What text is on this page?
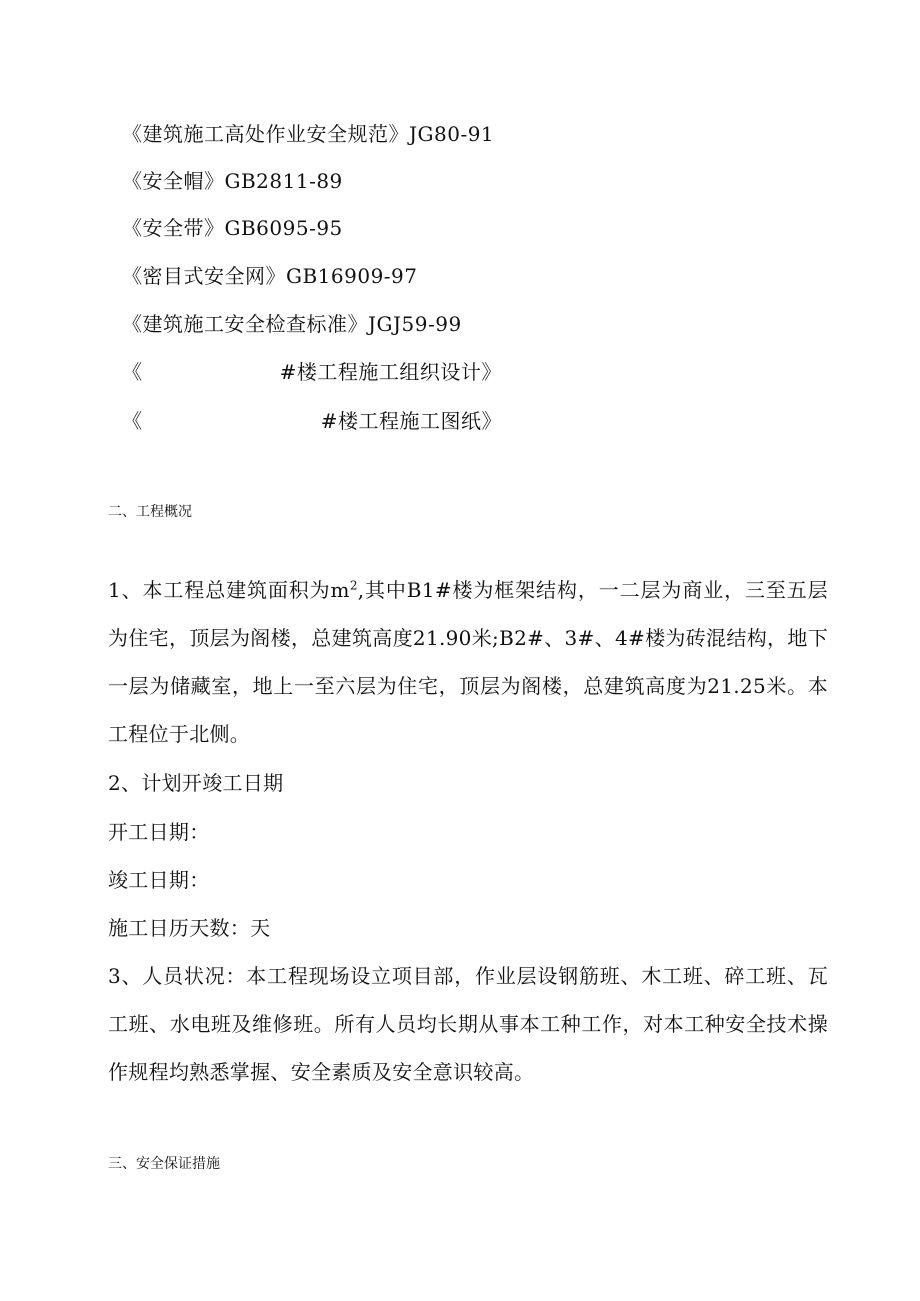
《建筑施工高处作业安全规范》JG80-91
《安全帽》GB2811-89
《安全带》GB6095-95
《密目式安全网》GB16909-97
《建筑施工安全检查标准》JGJ59-99
《                    #楼工程施工组织设计》
《                          #楼工程施工图纸》
二、工程概况
1、本工程总建筑面积为$m^2$,其中B1#楼为框架结构，一二层为商业，三至五层为住宅，顶层为阁楼，总建筑高度21.90米;B2#、3#、4#楼为砖混结构，地下一层为储藏室，地上一至六层为住宅，顶层为阁楼，总建筑高度为21.25米。本工程位于北侧。
2、计划开竣工日期
开工日期：
竣工日期：
施工日历天数：天
3、人员状况：本工程现场设立项目部，作业层设钢筋班、木工班、碎工班、瓦工班、水电班及维修班。所有人员均长期从事本工种工作，对本工种安全技术操作规程均熟悉掌握、安全素质及安全意识较高。
三、安全保证措施
